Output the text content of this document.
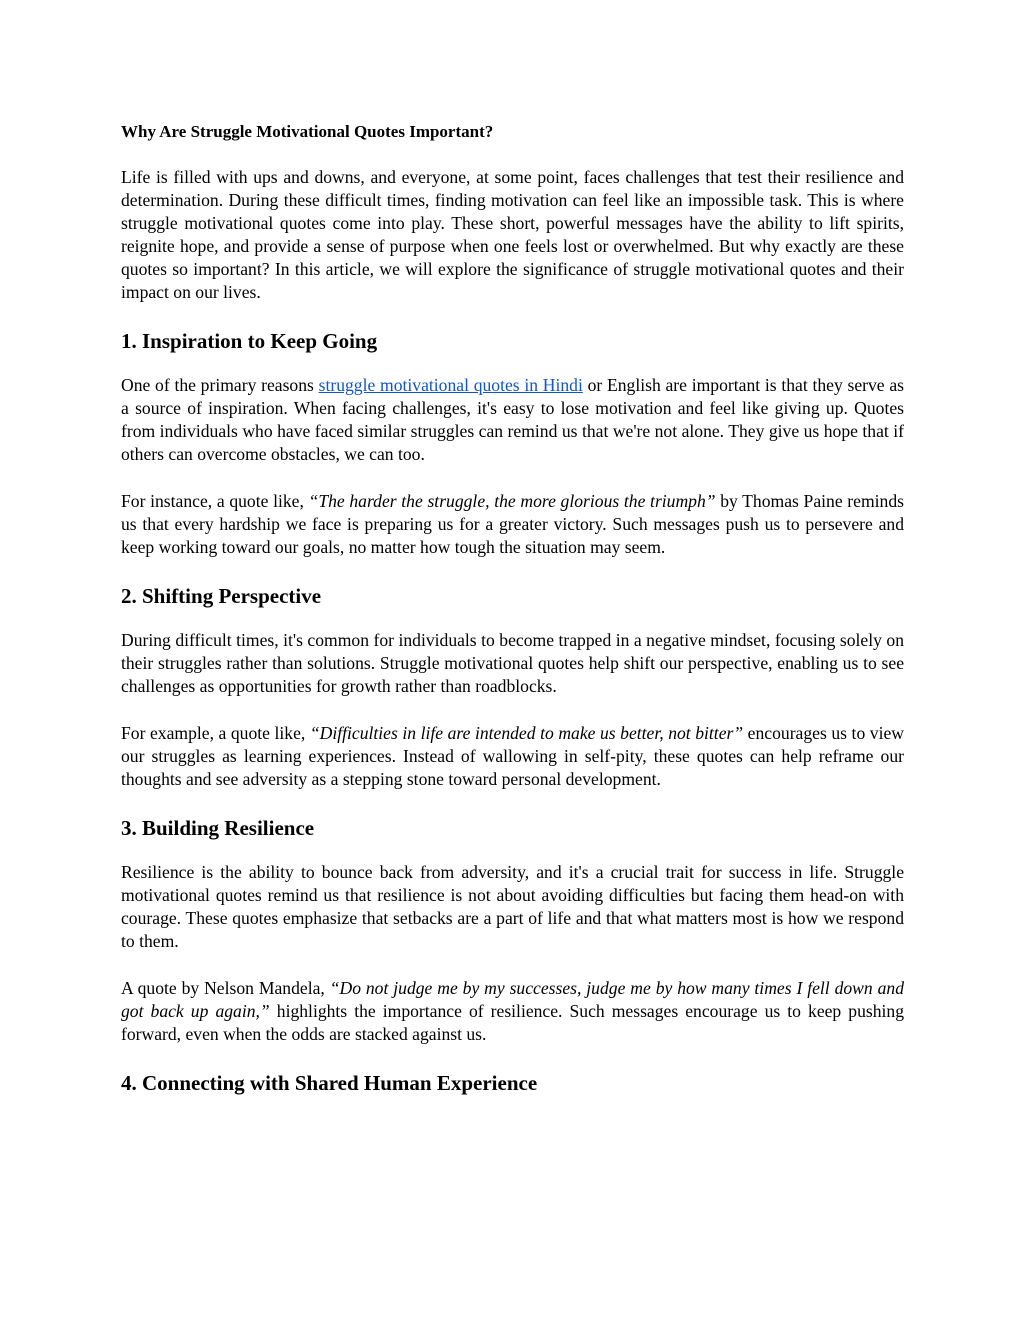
Why Are Struggle Motivational Quotes Important?

Life is filled with ups and downs, and everyone, at some point, faces challenges that test their resilience and determination. During these difficult times, finding motivation can feel like an impossible task. This is where struggle motivational quotes come into play. These short, powerful messages have the ability to lift spirits, reignite hope, and provide a sense of purpose when one feels lost or overwhelmed. But why exactly are these quotes so important? In this article, we will explore the significance of struggle motivational quotes and their impact on our lives.

1. Inspiration to Keep Going

One of the primary reasons struggle motivational quotes in Hindi or English are important is that they serve as a source of inspiration. When facing challenges, it's easy to lose motivation and feel like giving up. Quotes from individuals who have faced similar struggles can remind us that we're not alone. They give us hope that if others can overcome obstacles, we can too.

For instance, a quote like, “The harder the struggle, the more glorious the triumph” by Thomas Paine reminds us that every hardship we face is preparing us for a greater victory. Such messages push us to persevere and keep working toward our goals, no matter how tough the situation may seem.

2. Shifting Perspective

During difficult times, it's common for individuals to become trapped in a negative mindset, focusing solely on their struggles rather than solutions. Struggle motivational quotes help shift our perspective, enabling us to see challenges as opportunities for growth rather than roadblocks.

For example, a quote like, “Difficulties in life are intended to make us better, not bitter” encourages us to view our struggles as learning experiences. Instead of wallowing in self-pity, these quotes can help reframe our thoughts and see adversity as a stepping stone toward personal development.

3. Building Resilience

Resilience is the ability to bounce back from adversity, and it's a crucial trait for success in life. Struggle motivational quotes remind us that resilience is not about avoiding difficulties but facing them head-on with courage. These quotes emphasize that setbacks are a part of life and that what matters most is how we respond to them.

A quote by Nelson Mandela, “Do not judge me by my successes, judge me by how many times I fell down and got back up again,” highlights the importance of resilience. Such messages encourage us to keep pushing forward, even when the odds are stacked against us.

4. Connecting with Shared Human Experience
